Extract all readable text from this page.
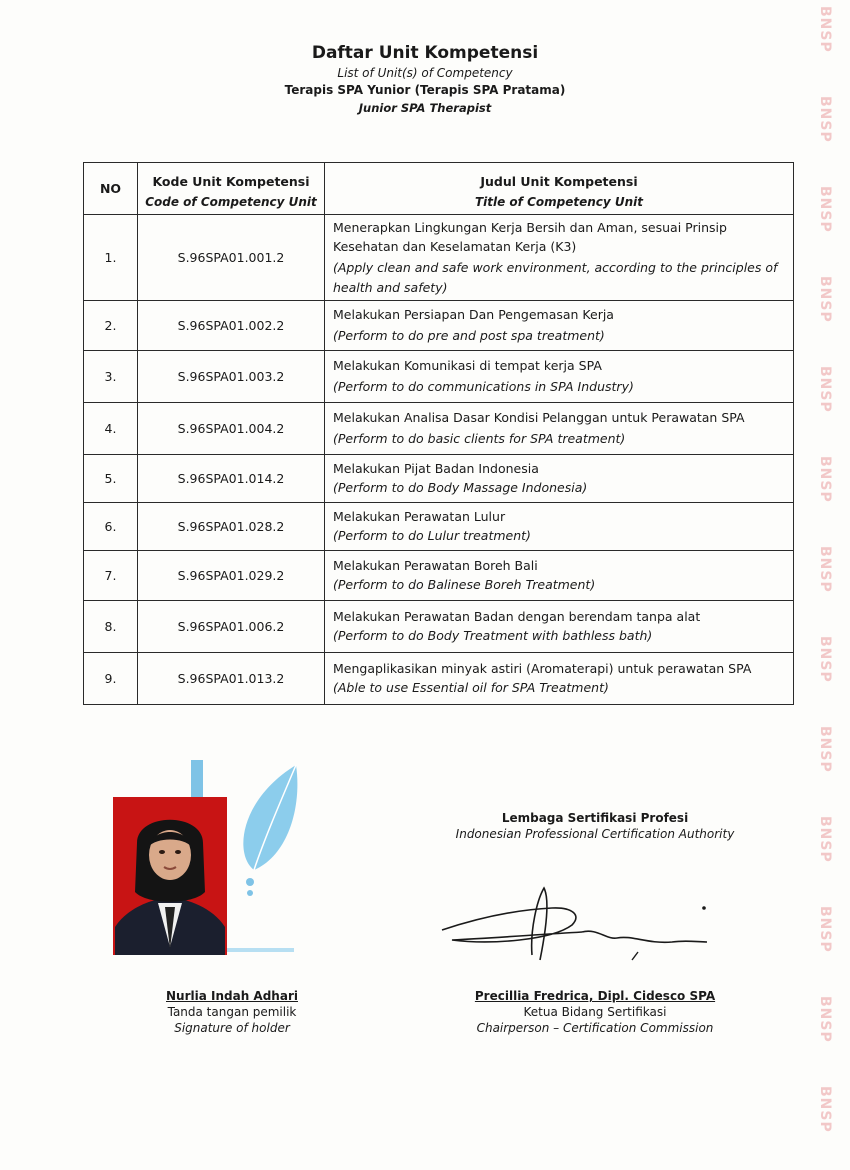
BNSP
BNSP
BNSP
BNSP
BNSP
BNSP
BNSP
BNSP
BNSP
BNSP
BNSP
BNSP
BNSP
Daftar Unit Kompetensi
List of Unit(s) of Competency
Terapis SPA Yunior (Terapis SPA Pratama)
Junior SPA Therapist
NO	Kode Unit Kompetensi	Judul Unit Kompetensi
	Code of Competency Unit	Title of Competency Unit
1.	S.96SPA01.001.2	Menerapkan Lingkungan Kerja Bersih dan Aman, sesuai Prinsip Kesehatan dan Keselamatan Kerja (K3)
(Apply clean and safe work environment, according to the principles of health and safety)

2.	S.96SPA01.002.2	Melakukan Persiapan Dan Pengemasan Kerja
(Perform to do pre and post spa treatment)

3.	S.96SPA01.003.2	Melakukan Komunikasi di tempat kerja SPA
(Perform to do communications in SPA Industry)

4.	S.96SPA01.004.2	Melakukan Analisa Dasar Kondisi Pelanggan untuk Perawatan SPA
(Perform to do basic clients for SPA treatment)

5.	S.96SPA01.014.2	Melakukan Pijat Badan Indonesia
(Perform to do Body Massage Indonesia)

6.	S.96SPA01.028.2	Melakukan Perawatan Lulur
(Perform to do Lulur treatment)

7.	S.96SPA01.029.2	Melakukan Perawatan Boreh Bali
(Perform to do Balinese Boreh Treatment)

8.	S.96SPA01.006.2	Melakukan Perawatan Badan dengan berendam tanpa alat
(Perform to do Body Treatment with bathless bath)

9.	S.96SPA01.013.2	Mengaplikasikan minyak astiri (Aromaterapi) untuk perawatan SPA
(Able to use Essential oil for SPA Treatment)
Nurlia Indah Adhari
Tanda tangan pemilik
Signature of holder
Lembaga Sertifikasi Profesi
Indonesian Professional Certification Authority
Precillia Fredrica, Dipl. Cidesco SPA
Ketua Bidang Sertifikasi
Chairperson – Certification Commission
